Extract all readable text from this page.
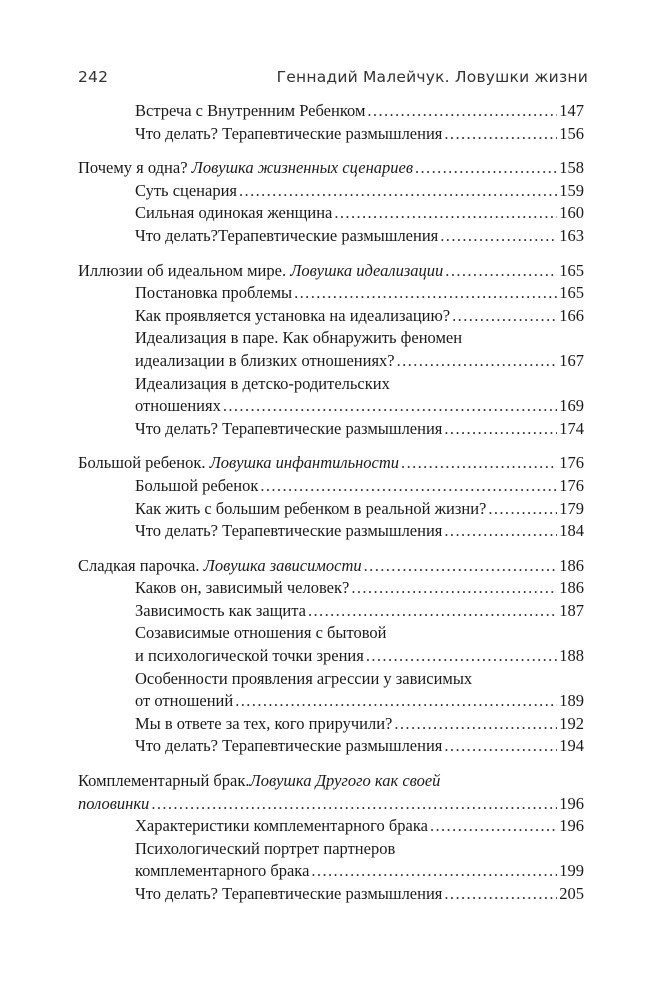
242	Геннадий Малейчук. Ловушки жизни
Встреча с Внутренним Ребенком .....	147
Что делать? Терапевтические размышления .....	156
Почему я одна? Ловушка жизненных сценариев .....	158
Суть сценария .....	159
Сильная одинокая женщина .....	160
Что делать?Терапевтические размышления .....	163
Иллюзии об идеальном мире. Ловушка идеализации .....	165
Постановка проблемы .....	165
Как проявляется установка на идеализацию? .....	166
Идеализация в паре. Как обнаружить феномен
идеализации в близких отношениях? .....	167
Идеализация в детско-родительских
отношениях .....	169
Что делать? Терапевтические размышления .....	174
Большой ребенок. Ловушка инфантильности .....	176
Большой ребенок .....	176
Как жить с большим ребенком в реальной жизни? .....	179
Что делать? Терапевтические размышления .....	184
Сладкая парочка. Ловушка зависимости .....	186
Каков он, зависимый человек? .....	186
Зависимость как защита .....	187
Созависимые отношения с бытовой
и психологической точки зрения .....	188
Особенности проявления агрессии у зависимых
от отношений .....	189
Мы в ответе за тех, кого приручили? .....	192
Что делать? Терапевтические размышления .....	194
Комплементарный брак. Ловушка Другого как своей
половинки .....	196
Характеристики комплементарного брака .....	196
Психологический портрет партнеров
комплементарного брака .....	199
Что делать? Терапевтические размышления .....	205
